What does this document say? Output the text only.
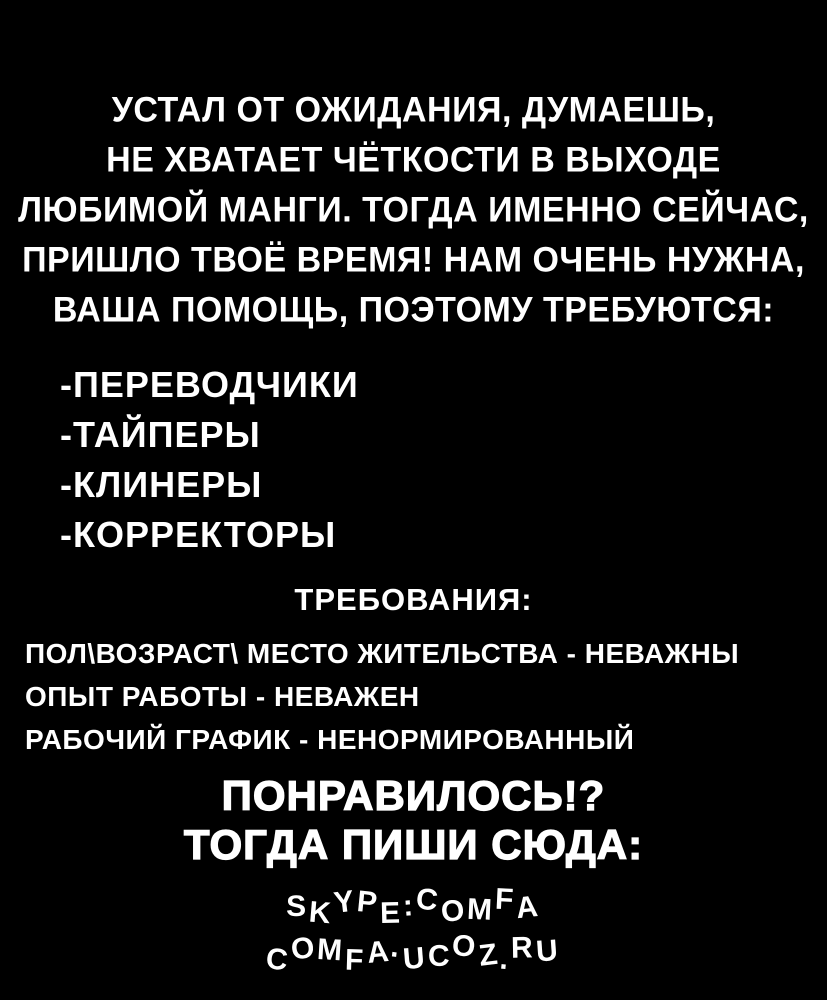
УСТАЛ ОТ ОЖИДАНИЯ, ДУМАЕШЬ,
НЕ ХВАТАЕТ ЧЁТКОСТИ В ВЫХОДЕ
ЛЮБИМОЙ МАНГИ. ТОГДА ИМЕННО СЕЙЧАС,
ПРИШЛО ТВОЁ ВРЕМЯ! НАМ ОЧЕНЬ НУЖНА,
ВАША ПОМОЩЬ, ПОЭТОМУ ТРЕБУЮТСЯ:
-ПЕРЕВОДЧИКИ
-ТАЙПЕРЫ
-КЛИНЕРЫ
-КОРРЕКТОРЫ
ТРЕБОВАНИЯ:
ПОЛ\ВОЗРАСТ\ МЕСТО ЖИТЕЛЬСТВА - НЕВАЖНЫ
ОПЫТ РАБОТЫ - НЕВАЖЕН
РАБОЧИЙ ГРАФИК - НЕНОРМИРОВАННЫЙ
ПОНРАВИЛОСЬ!?
ТОГДА ПИШИ СЮДА:
SKYPE:COMFA
COMFA.UCOZ.RU
